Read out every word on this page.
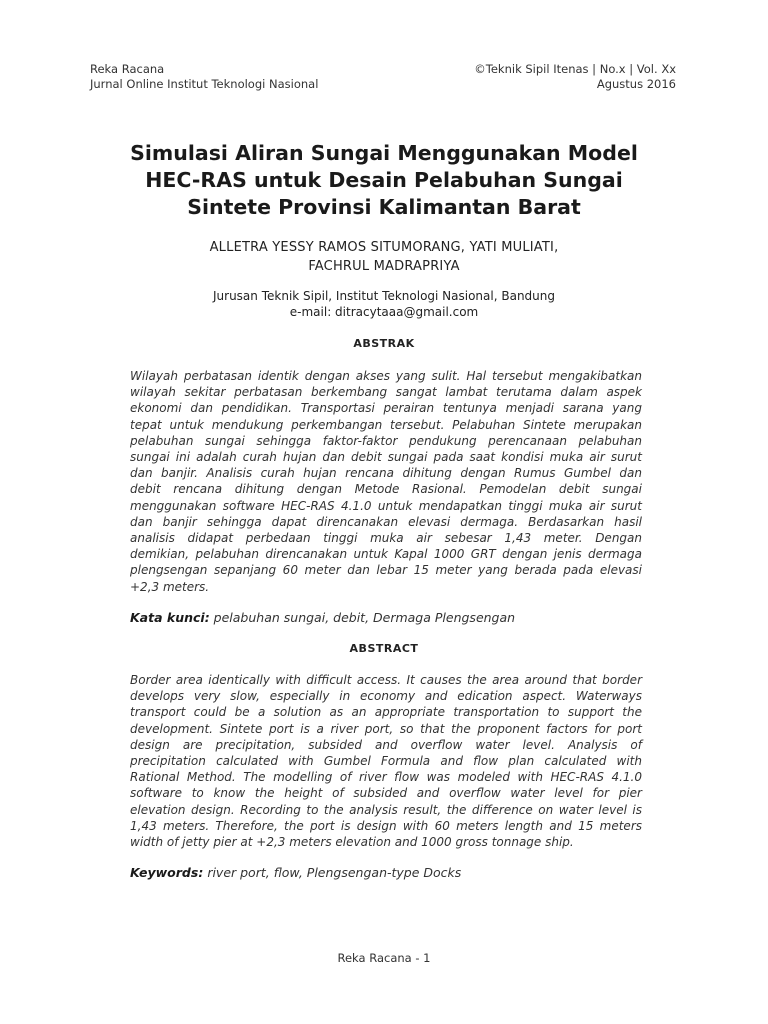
Reka Racana
Jurnal Online Institut Teknologi Nasional
©Teknik Sipil Itenas | No.x | Vol. Xx
Agustus 2016
Simulasi Aliran Sungai Menggunakan Model
HEC-RAS untuk Desain Pelabuhan Sungai
Sintete Provinsi Kalimantan Barat
ALLETRA YESSY RAMOS SITUMORANG, YATI MULIATI,
FACHRUL MADRAPRIYA
Jurusan Teknik Sipil, Institut Teknologi Nasional, Bandung
e-mail: ditracytaaa@gmail.com
ABSTRAK
Wilayah perbatasan identik dengan akses yang sulit. Hal tersebut mengakibatkan
wilayah sekitar perbatasan berkembang sangat lambat terutama dalam aspek
ekonomi dan pendidikan. Transportasi perairan tentunya menjadi sarana yang
tepat untuk mendukung perkembangan tersebut. Pelabuhan Sintete merupakan
pelabuhan sungai sehingga faktor-faktor pendukung perencanaan pelabuhan
sungai ini adalah curah hujan dan debit sungai pada saat kondisi muka air surut
dan banjir. Analisis curah hujan rencana dihitung dengan Rumus Gumbel dan
debit rencana dihitung dengan Metode Rasional. Pemodelan debit sungai
menggunakan software HEC-RAS 4.1.0 untuk mendapatkan tinggi muka air surut
dan banjir sehingga dapat direncanakan elevasi dermaga. Berdasarkan hasil
analisis didapat perbedaan tinggi muka air sebesar 1,43 meter. Dengan
demikian, pelabuhan direncanakan untuk Kapal 1000 GRT dengan jenis dermaga
plengsengan sepanjang 60 meter dan lebar 15 meter yang berada pada elevasi
+2,3 meters.
Kata kunci: pelabuhan sungai, debit, Dermaga Plengsengan
ABSTRACT
Border area identically with difficult access. It causes the area around that border
develops very slow, especially in economy and edication aspect. Waterways
transport could be a solution as an appropriate transportation to support the
development. Sintete port is a river port, so that the proponent factors for port
design are precipitation, subsided and overflow water level. Analysis of
precipitation calculated with Gumbel Formula and flow plan calculated with
Rational Method. The modelling of river flow was modeled with HEC-RAS 4.1.0
software to know the height of subsided and overflow water level for pier
elevation design. Recording to the analysis result, the difference on water level is
1,43 meters. Therefore, the port is design with 60 meters length and 15 meters
width of jetty pier at +2,3 meters elevation and 1000 gross tonnage ship.
Keywords: river port, flow, Plengsengan-type Docks
Reka Racana - 1
